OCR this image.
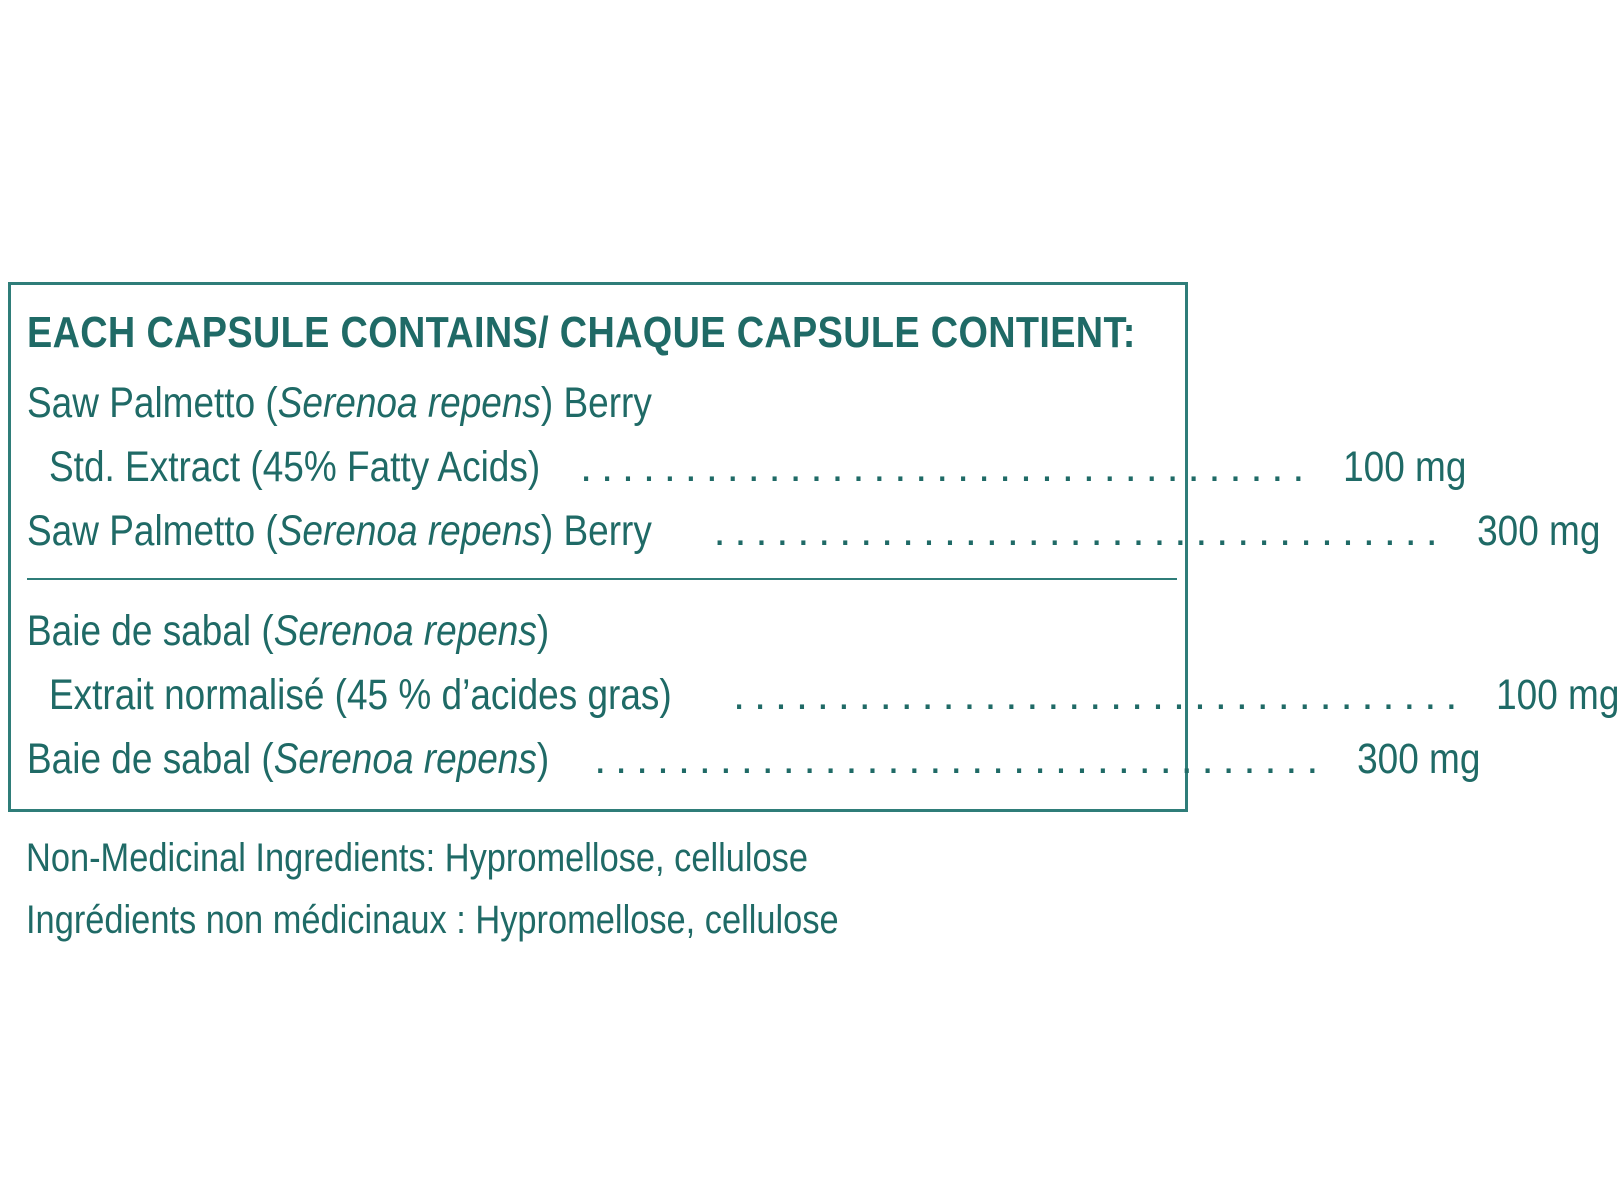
EACH CAPSULE CONTAINS/ CHAQUE CAPSULE CONTIENT:
Saw Palmetto (Serenoa repens) Berry
Std. Extract (45% Fatty Acids) ................................... 100 mg
Saw Palmetto (Serenoa repens) Berry ................................... 300 mg
Baie de sabal (Serenoa repens)
Extrait normalisé (45 % d’acides gras) ................................... 100 mg
Baie de sabal (Serenoa repens) ................................... 300 mg
Non-Medicinal Ingredients: Hypromellose, cellulose
Ingrédients non médicinaux : Hypromellose, cellulose
